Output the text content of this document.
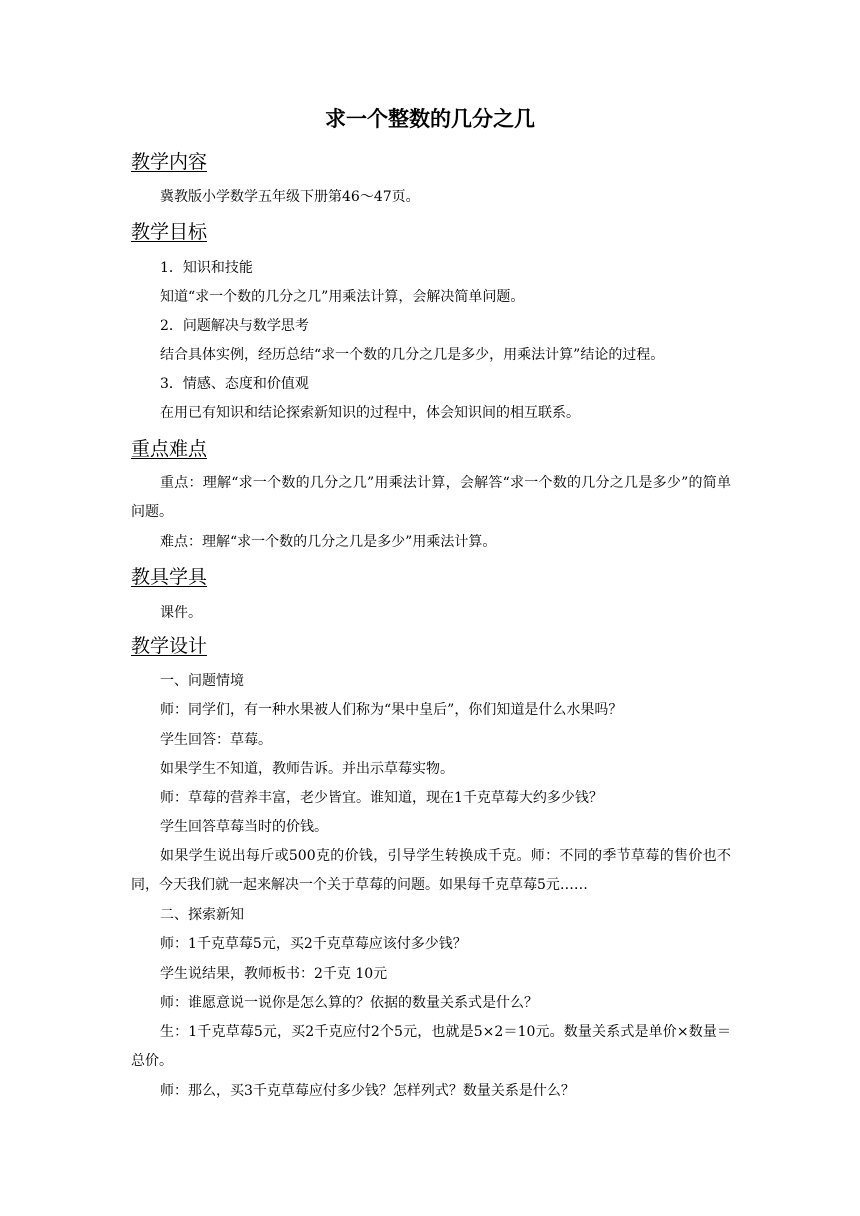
求一个整数的几分之几
教学内容
冀教版小学数学五年级下册第46～47页。
教学目标
1．知识和技能
知道“求一个数的几分之几”用乘法计算，会解决简单问题。
2．问题解决与数学思考
结合具体实例，经历总结“求一个数的几分之几是多少，用乘法计算”结论的过程。
3．情感、态度和价值观
在用已有知识和结论探索新知识的过程中，体会知识间的相互联系。
重点难点
重点：理解“求一个数的几分之几”用乘法计算，会解答“求一个数的几分之几是多少”的简单问题。
难点：理解“求一个数的几分之几是多少”用乘法计算。
教具学具
课件。
教学设计
一、问题情境
师：同学们，有一种水果被人们称为“果中皇后”，你们知道是什么水果吗？
学生回答：草莓。
如果学生不知道，教师告诉。并出示草莓实物。
师：草莓的营养丰富，老少皆宜。谁知道，现在1千克草莓大约多少钱？
学生回答草莓当时的价钱。
如果学生说出每斤或500克的价钱，引导学生转换成千克。师：不同的季节草莓的售价也不同，今天我们就一起来解决一个关于草莓的问题。如果每千克草莓5元……
二、探索新知
师：1千克草莓5元，买2千克草莓应该付多少钱？
学生说结果，教师板书：2千克 10元
师：谁愿意说一说你是怎么算的？依据的数量关系式是什么？
生：1千克草莓5元，买2千克应付2个5元，也就是5×2＝10元。数量关系式是单价×数量＝总价。
师：那么，买3千克草莓应付多少钱？怎样列式？数量关系是什么？
